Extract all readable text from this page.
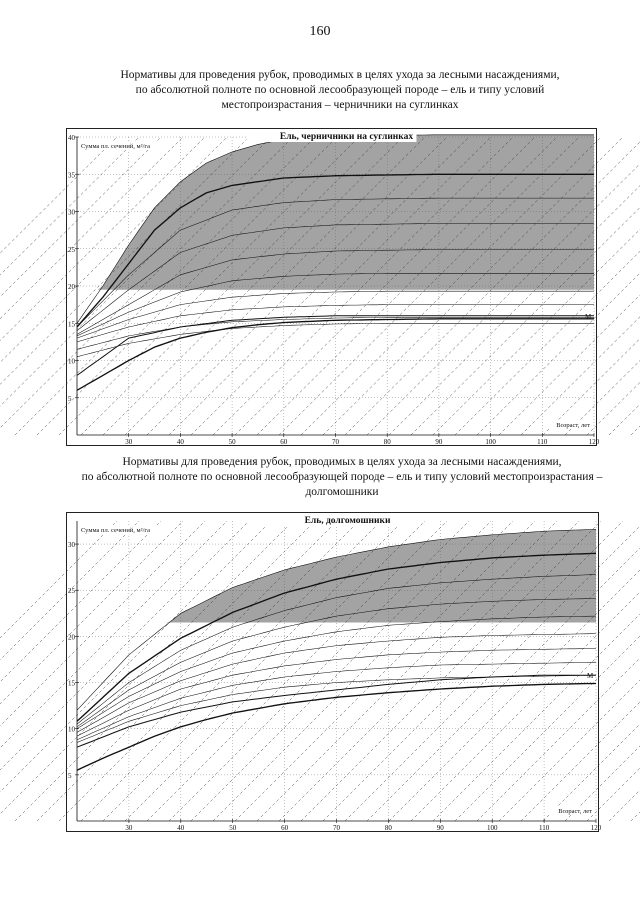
160
Нормативы для проведения рубок, проводимых в целях ухода за лесными насаждениями,
по абсолютной полноте по основной лесообразующей породе – ель и типу условий
местопроизрастания – черничники на суглинках
M
5
10
15
20
25
30
35
40
30	40	50	60	70	80	90	100	110	120
Ель, черничники на суглинках
Сумма пл. сечений, м²/га
Возраст, лет
Нормативы для проведения рубок, проводимых в целях ухода за лесными насаждениями,
по абсолютной полноте по основной лесообразующей породе – ель и типу условий местопроизрастания –
долгомошники
M
5
10
15
20
25
30
30	40	50	60	70	80	90	100	110	120
Ель, долгомошники
Сумма пл. сечений, м²/га
Возраст, лет
